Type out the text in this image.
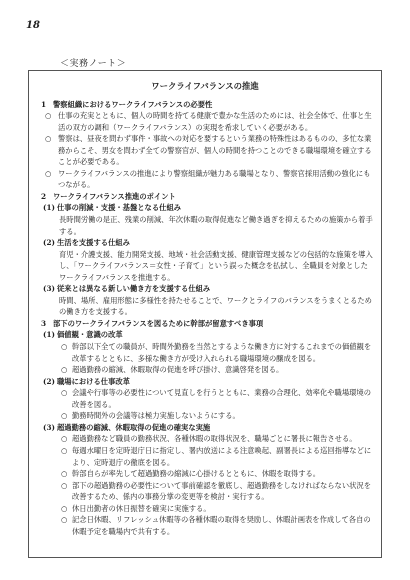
18
＜実務ノート＞
ワークライフバランスの推進
1 警察組織におけるワークライフバランスの必要性
○ 仕事の充実とともに、個人の時間を持てる健康で豊かな生活のためには、社会全体で、仕事と生活の双方の調和（ワークライフバランス）の実現を希求していく必要がある。
○ 警察は、昼夜を問わず事件・事故への対応を要するという業務の特殊性はあるものの、多忙な業務からこそ、男女を問わず全ての警察官が、個人の時間を持つことのできる職場環境を確立することが必要である。
○ ワークライフバランスの推進により警察組織が魅力ある職場となり、警察官採用活動の強化にもつながる。
2 ワークライフバランス推進のポイント
(1) 仕事の削減・支援・基盤となる仕組み
長時間労働の是正、残業の削減、年次休暇の取得促進など働き過ぎを抑えるための施策から着手する。
(2) 生活を支援する仕組み
育児・介護支援、能力開発支援、地域・社会活動支援、健康管理支援などの包括的な施策を導入し、「ワークライフバランス＝女性・子育て」という誤った概念を払拭し、全職員を対象としたワークライフバランスを推進する。
(3) 従来とは異なる新しい働き方を支援する仕組み
時間、場所、雇用形態に多様性を持たせることで、ワークとライフのバランスをうまくとるための働き方を支援する。
3 部下のワークライフバランスを図るために幹部が留意すべき事項
(1) 価値観・意識の改革
○ 幹部以下全ての職員が、時間外勤務を当然とするような働き方に対するこれまでの価値観を改革するとともに、多様な働き方が受け入れられる職場環境の醸成を図る。
○ 超過勤務の縮減、休暇取得の促進を呼び掛け、意識啓発を図る。
(2) 職場における仕事改革
○ 会議や行事等の必要性について見直しを行うとともに、業務の合理化、効率化や職場環境の改善を図る。
○ 勤務時間外の会議等は極力実施しないようにする。
(3) 超過勤務の縮減、休暇取得の促進の確実な実施
○ 超過勤務など職員の勤務状況、各種休暇の取得状況を、職場ごとに署長に報告させる。
○ 毎週水曜日を定時退庁日に指定し、署内放送による注意喚起、副署長による巡回指導などにより、定時退庁の徹底を図る。
○ 幹部自らが率先して超過勤務の縮減に心掛けるとともに、休暇を取得する。
○ 部下の超過勤務の必要性について事前確認を徹底し、超過勤務をしなければならない状況を改善するため、係内の事務分掌の変更等を検討・実行する。
○ 休日出勤者の休日振替を確実に実施する。
○ 記念日休暇、リフレッシュ休暇等の各種休暇の取得を奨励し、休暇計画表を作成して各自の休暇予定を職場内で共有する。
